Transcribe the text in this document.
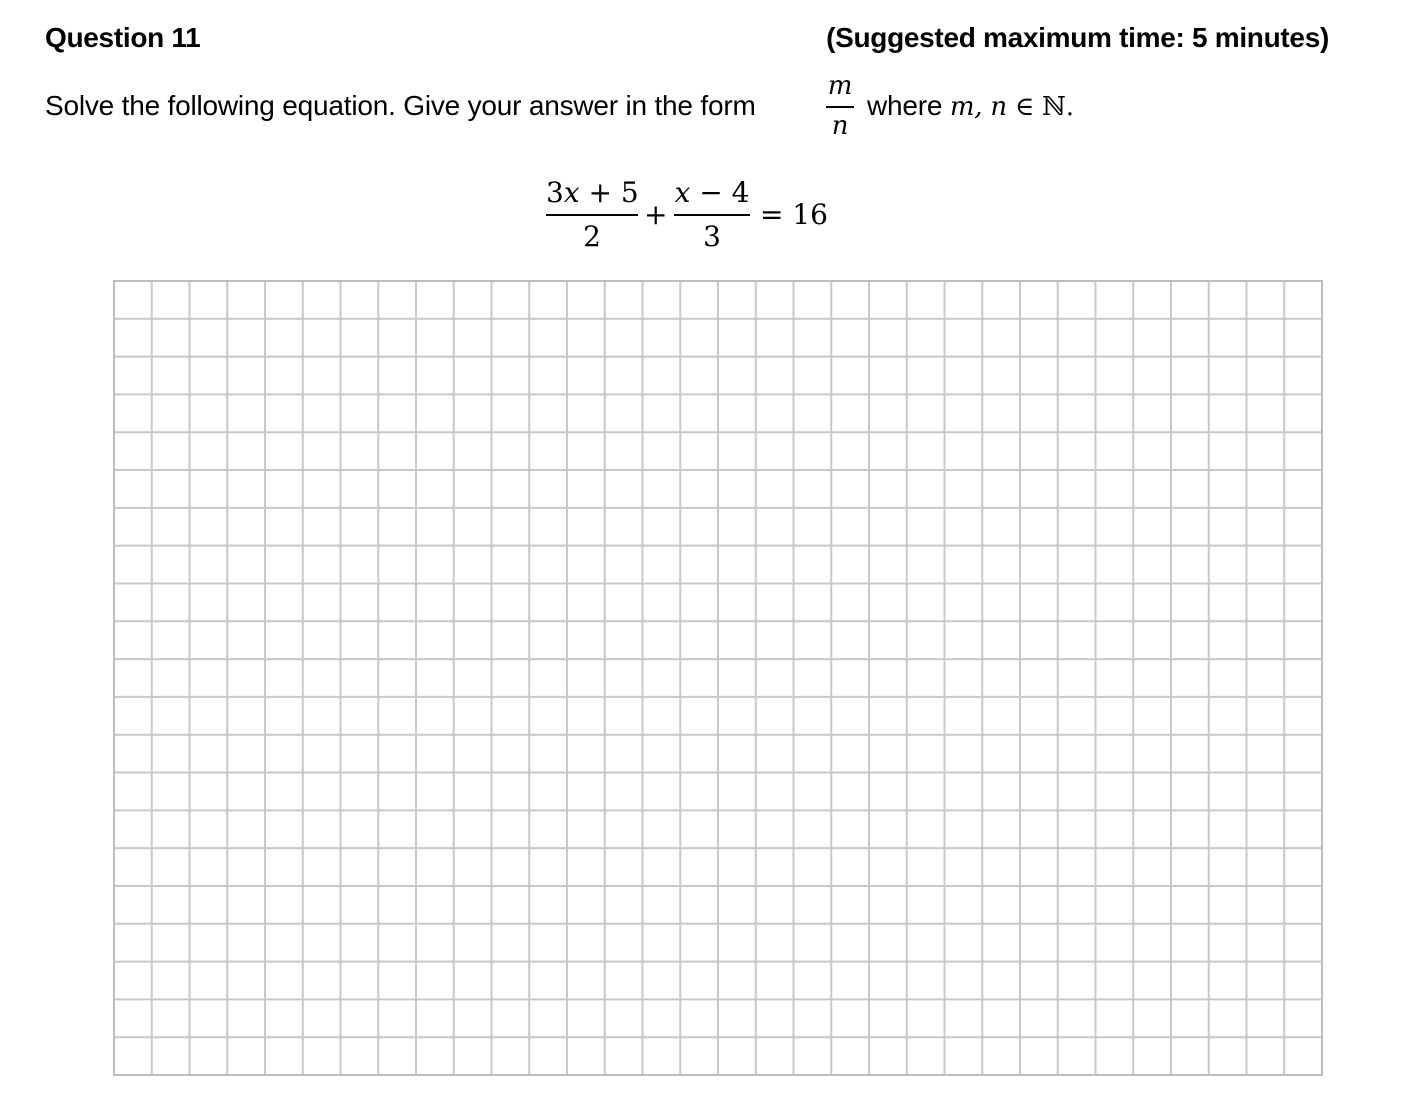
Question 11	(Suggested maximum time: 5 minutes)
Solve the following equation. Give your answer in the form
m
n
where m, n ∈ ℕ.
3x + 5
2
+
x − 4
3
= 16
